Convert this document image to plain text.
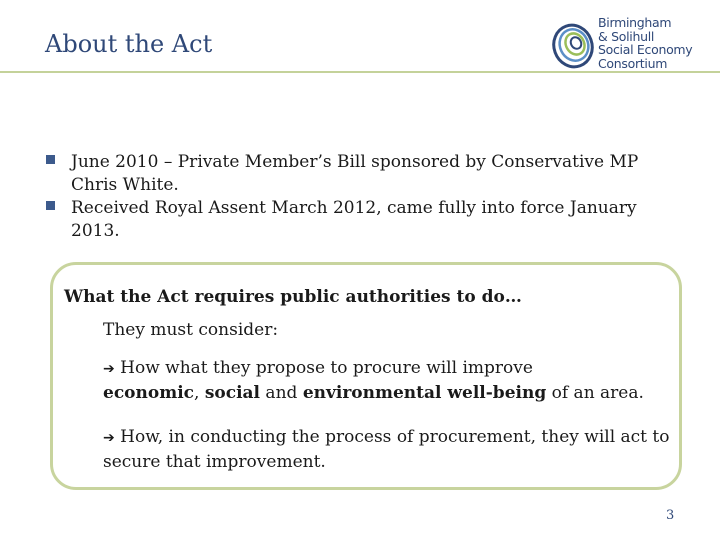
About the Act
Birmingham
& Solihull
Social Economy
Consortium
June 2010 – Private Member’s Bill sponsored by Conservative MP Chris White.
Received Royal Assent March 2012, came fully into force January 2013.
What the Act requires public authorities to do…
They must consider:
➔ How what they propose to procure will improve
economic, social and environmental well-being of an area.
➔ How, in conducting the process of procurement, they will act to secure that improvement.
3
